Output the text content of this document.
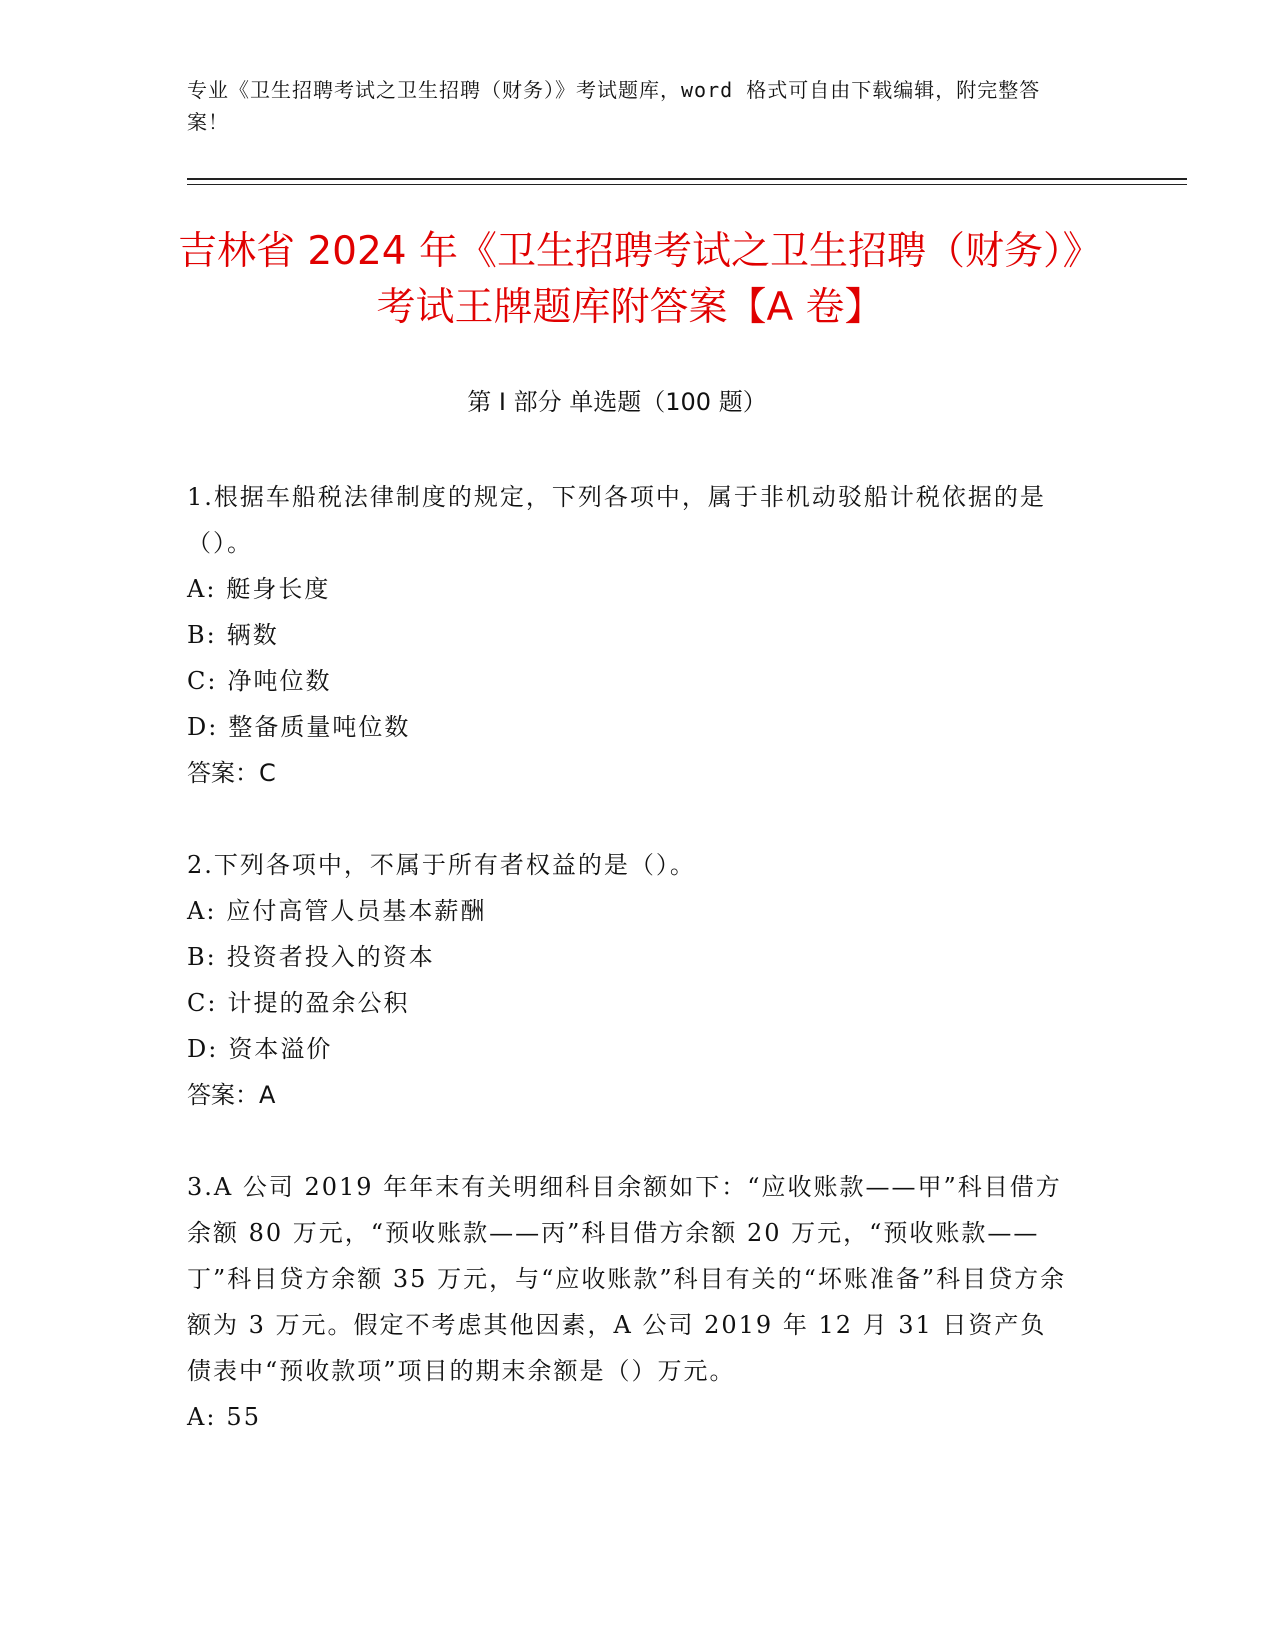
专业《卫生招聘考试之卫生招聘（财务）》考试题库，word 格式可自由下载编辑，附完整答案！
吉林省 2024 年《卫生招聘考试之卫生招聘（财务）》考试王牌题库附答案【A 卷】
第 I 部分 单选题（100 题）
1.根据车船税法律制度的规定，下列各项中，属于非机动驳船计税依据的是（）。
A: 艇身长度
B: 辆数
C: 净吨位数
D: 整备质量吨位数
答案：C
2.下列各项中，不属于所有者权益的是（）。
A: 应付高管人员基本薪酬
B: 投资者投入的资本
C: 计提的盈余公积
D: 资本溢价
答案：A
3.A 公司 2019 年年末有关明细科目余额如下：“应收账款——甲”科目借方余额 80 万元，“预收账款——丙”科目借方余额 20 万元，“预收账款——丁”科目贷方余额 35 万元，与“应收账款”科目有关的“坏账准备”科目贷方余额为 3 万元。假定不考虑其他因素，A 公司 2019 年 12 月 31 日资产负债表中“预收款项”项目的期末余额是（）万元。
A: 55
